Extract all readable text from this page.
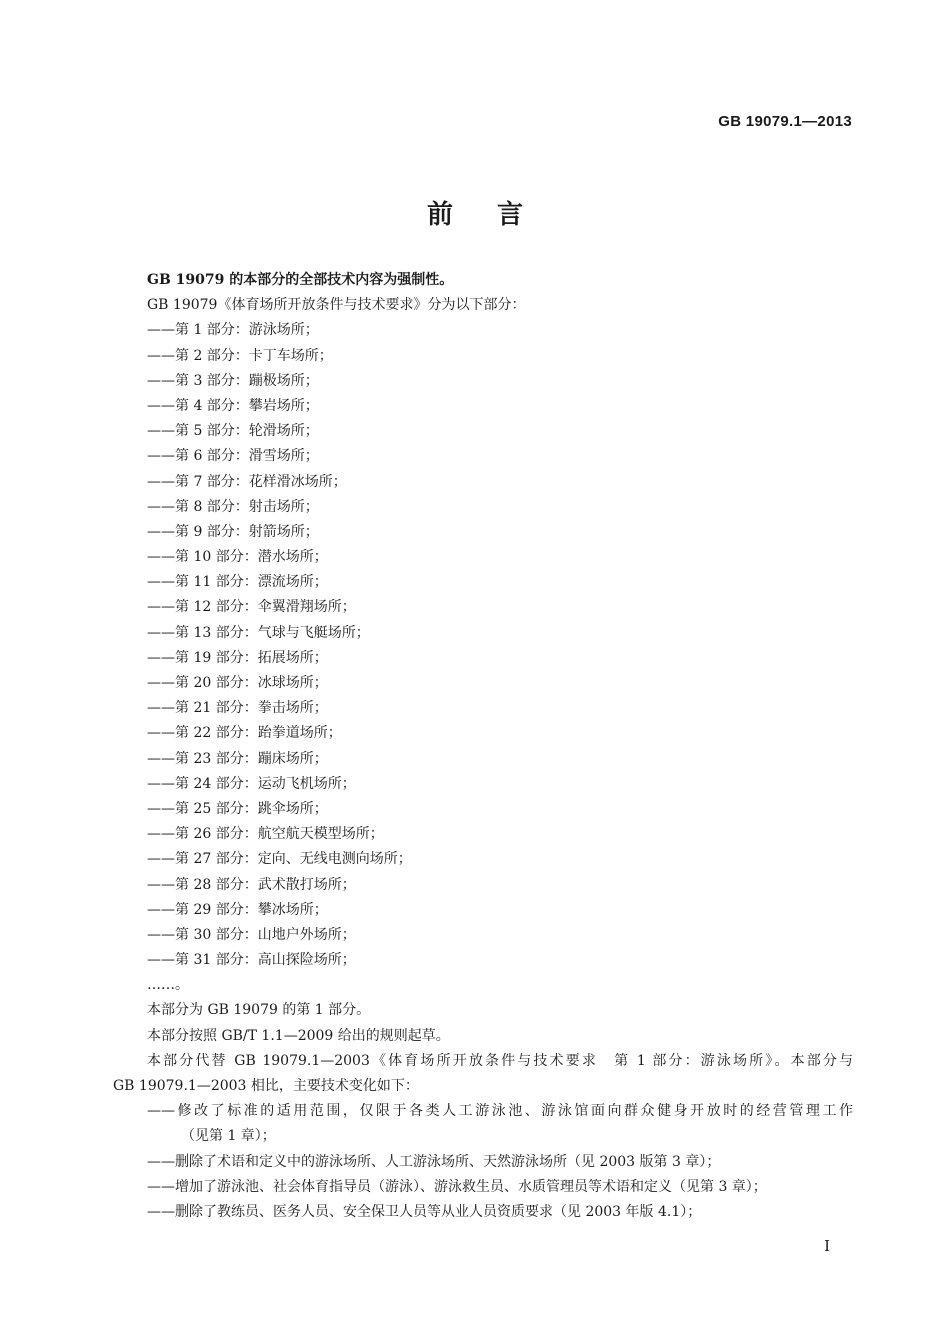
GB 19079.1—2013
前 言
GB 19079 的本部分的全部技术内容为强制性。
GB 19079《体育场所开放条件与技术要求》分为以下部分：
——第 1 部分：游泳场所；
——第 2 部分：卡丁车场所；
——第 3 部分：蹦极场所；
——第 4 部分：攀岩场所；
——第 5 部分：轮滑场所；
——第 6 部分：滑雪场所；
——第 7 部分：花样滑冰场所；
——第 8 部分：射击场所；
——第 9 部分：射箭场所；
——第 10 部分：潜水场所；
——第 11 部分：漂流场所；
——第 12 部分：伞翼滑翔场所；
——第 13 部分：气球与飞艇场所；
——第 19 部分：拓展场所；
——第 20 部分：冰球场所；
——第 21 部分：拳击场所；
——第 22 部分：跆拳道场所；
——第 23 部分：蹦床场所；
——第 24 部分：运动飞机场所；
——第 25 部分：跳伞场所；
——第 26 部分：航空航天模型场所；
——第 27 部分：定向、无线电测向场所；
——第 28 部分：武术散打场所；
——第 29 部分：攀冰场所；
——第 30 部分：山地户外场所；
——第 31 部分：高山探险场所；
……。
本部分为 GB 19079 的第 1 部分。
本部分按照 GB/T 1.1—2009 给出的规则起草。
本部分代替 GB 19079.1—2003《体育场所开放条件与技术要求　第 1 部分：游泳场所》。本部分与
GB 19079.1—2003 相比，主要技术变化如下：
——修改了标准的适用范围，仅限于各类人工游泳池、游泳馆面向群众健身开放时的经营管理工作
（见第 1 章）；
——删除了术语和定义中的游泳场所、人工游泳场所、天然游泳场所（见 2003 版第 3 章）；
——增加了游泳池、社会体育指导员（游泳）、游泳救生员、水质管理员等术语和定义（见第 3 章）；
——删除了教练员、医务人员、安全保卫人员等从业人员资质要求（见 2003 年版 4.1）；
I
